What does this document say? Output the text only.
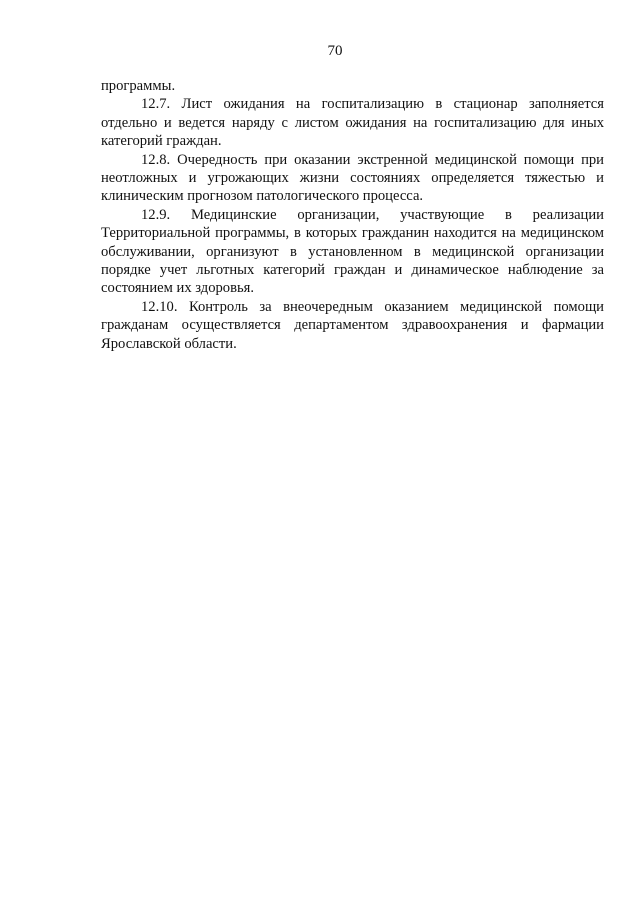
70

программы.

12.7. Лист ожидания на госпитализацию в стационар заполняется отдельно и ведется наряду с листом ожидания на госпитализацию для иных категорий граждан.

12.8. Очередность при оказании экстренной медицинской помощи при неотложных и угрожающих жизни состояниях определяется тяжестью и клиническим прогнозом патологического процесса.

12.9. Медицинские организации, участвующие в реализации Территориальной программы, в которых гражданин находится на медицинском обслуживании, организуют в установленном в медицинской организации порядке учет льготных категорий граждан и динамическое наблюдение за состоянием их здоровья.

12.10. Контроль за внеочередным оказанием медицинской помощи гражданам осуществляется департаментом здравоохранения и фармации Ярославской области.
